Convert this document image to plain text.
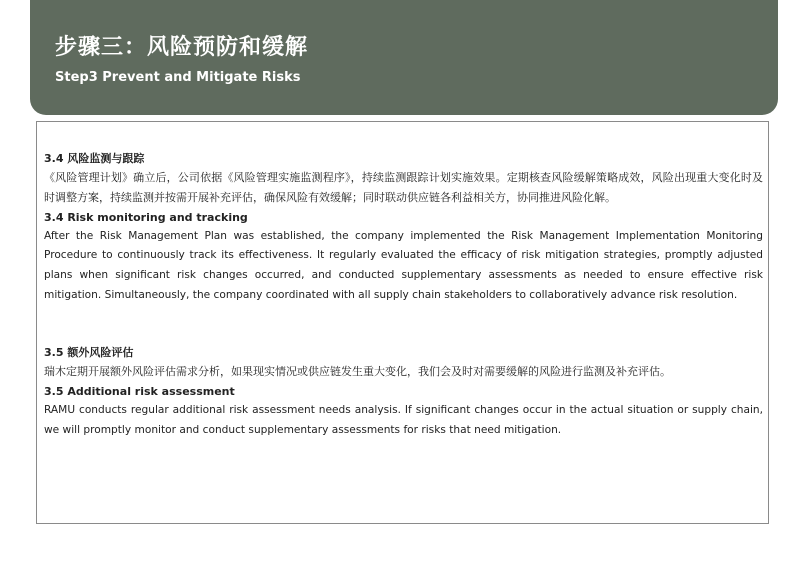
步骤三：风险预防和缓解
Step3 Prevent and Mitigate Risks
3.4 风险监测与跟踪

《风险管理计划》确立后，公司依据《风险管理实施监测程序》，持续监测跟踪计划实施效果。定期核查风险缓解策略成效，风险出现重大变化时及时调整方案，持续监测并按需开展补充评估，确保风险有效缓解；同时联动供应链各利益相关方，协同推进风险化解。

3.4 Risk monitoring and tracking

After the Risk Management Plan was established, the company implemented the Risk Management Implementation Monitoring Procedure to continuously track its effectiveness. It regularly evaluated the efficacy of risk mitigation strategies, promptly adjusted plans when significant risk changes occurred, and conducted supplementary assessments as needed to ensure effective risk mitigation. Simultaneously, the company coordinated with all supply chain stakeholders to collaboratively advance risk resolution.

3.5 额外风险评估

瑞木定期开展额外风险评估需求分析，如果现实情况或供应链发生重大变化，我们会及时对需要缓解的风险进行监测及补充评估。

3.5 Additional risk assessment

RAMU conducts regular additional risk assessment needs analysis. If significant changes occur in the actual situation or supply chain, we will promptly monitor and conduct supplementary assessments for risks that need mitigation.
